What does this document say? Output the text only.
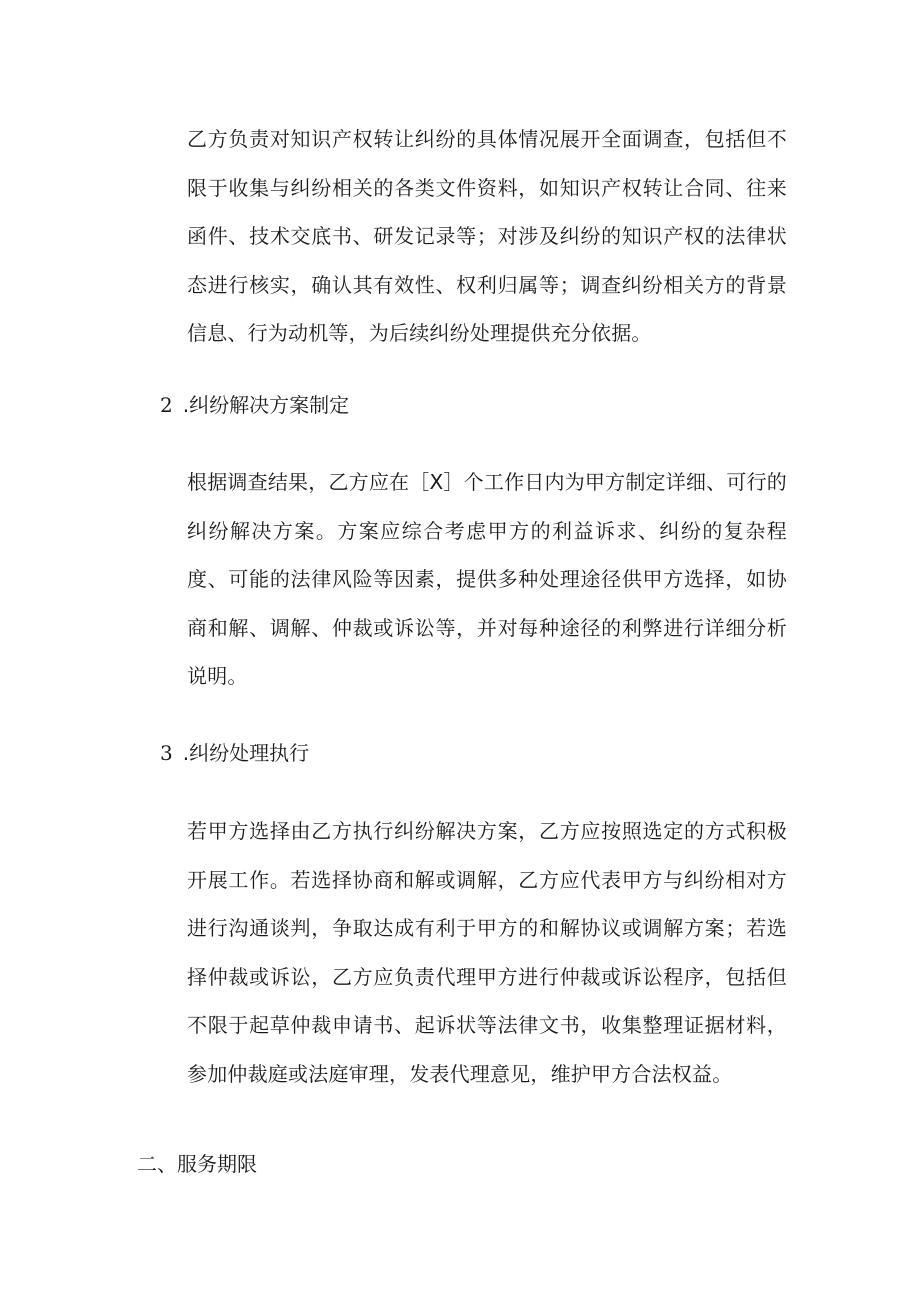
乙方负责对知识产权转让纠纷的具体情况展开全面调查，包括但不限于收集与纠纷相关的各类文件资料，如知识产权转让合同、往来函件、技术交底书、研发记录等；对涉及纠纷的知识产权的法律状态进行核实，确认其有效性、权利归属等；调查纠纷相关方的背景信息、行为动机等，为后续纠纷处理提供充分依据。

2 .纠纷解决方案制定

根据调查结果，乙方应在［X］个工作日内为甲方制定详细、可行的纠纷解决方案。方案应综合考虑甲方的利益诉求、纠纷的复杂程度、可能的法律风险等因素，提供多种处理途径供甲方选择，如协商和解、调解、仲裁或诉讼等，并对每种途径的利弊进行详细分析说明。

3 .纠纷处理执行

若甲方选择由乙方执行纠纷解决方案，乙方应按照选定的方式积极开展工作。若选择协商和解或调解，乙方应代表甲方与纠纷相对方进行沟通谈判，争取达成有利于甲方的和解协议或调解方案；若选择仲裁或诉讼，乙方应负责代理甲方进行仲裁或诉讼程序，包括但不限于起草仲裁申请书、起诉状等法律文书，收集整理证据材料，参加仲裁庭或法庭审理，发表代理意见，维护甲方合法权益。

二、服务期限
